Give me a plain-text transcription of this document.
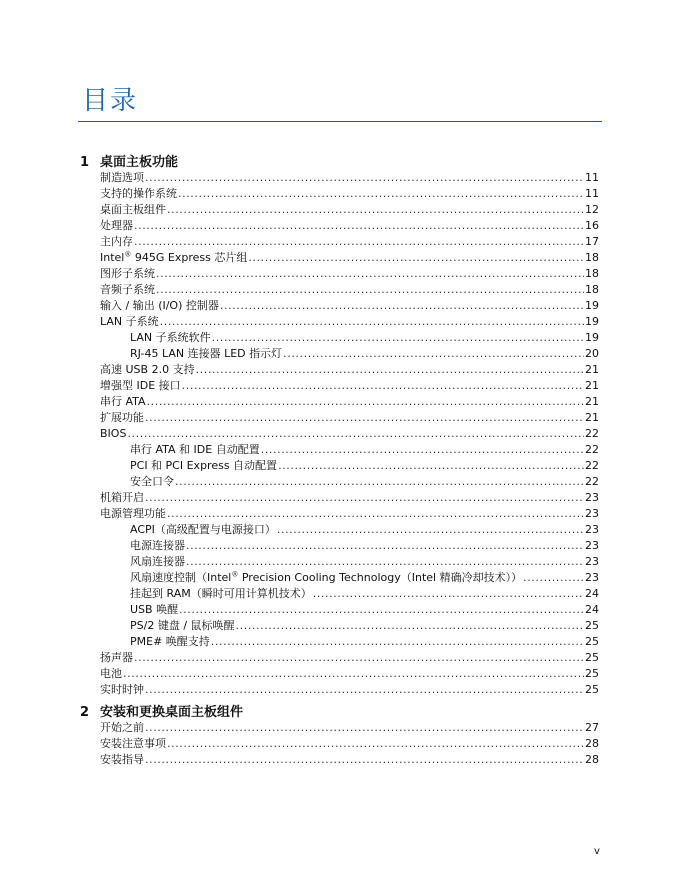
目录
1 桌面主板功能
制造选项 .....	11
支持的操作系统 .....	11
桌面主板组件 .....	12
处理器 .....	16
主内存 .....	17
Intel® 945G Express 芯片组 .....	18
图形子系统 .....	18
音频子系统 .....	18
输入 / 输出 (I/O) 控制器 .....	19
LAN 子系统 .....	19
LAN 子系统软件 .....	19
RJ-45 LAN 连接器 LED 指示灯 .....	20
高速 USB 2.0 支持 .....	21
增强型 IDE 接口 .....	21
串行 ATA .....	21
扩展功能 .....	21
BIOS .....	22
串行 ATA 和 IDE 自动配置 .....	22
PCI 和 PCI Express 自动配置 .....	22
安全口令 .....	22
机箱开启 .....	23
电源管理功能 .....	23
ACPI（高级配置与电源接口） .....	23
电源连接器 .....	23
风扇连接器 .....	23
风扇速度控制（Intel® Precision Cooling Technology（Intel 精确冷却技术）） .....	23
挂起到 RAM（瞬时可用计算机技术） .....	24
USB 唤醒 .....	24
PS/2 键盘 / 鼠标唤醒 .....	25
PME# 唤醒支持 .....	25
扬声器 .....	25
电池 .....	25
实时时钟 .....	25
2 安装和更换桌面主板组件
开始之前 .....	27
安装注意事项 .....	28
安装指导 .....	28
v
